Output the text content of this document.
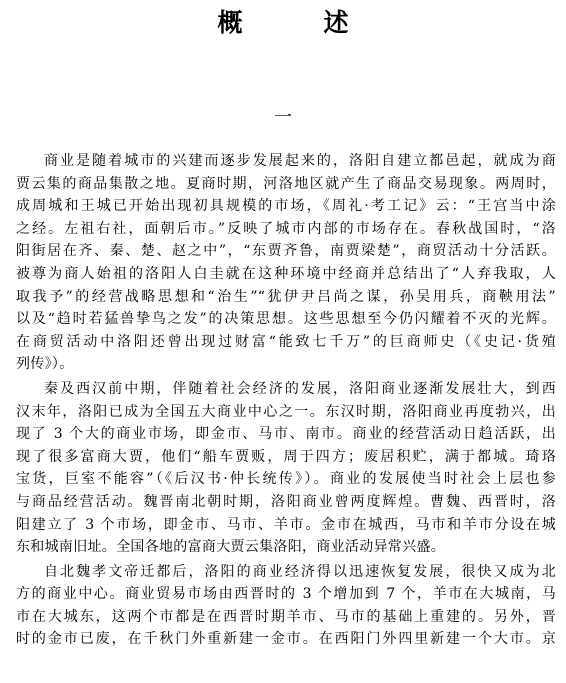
概　述
一
商业是随着城市的兴建而逐步发展起来的，洛阳自建立都邑起，就成为商
贾云集的商品集散之地。夏商时期，河洛地区就产生了商品交易现象。两周时，
成周城和王城已开始出现初具规模的市场，《周礼·考工记》云：“王宫当中涂
之经。左祖右社，面朝后市。”反映了城市内部的市场存在。春秋战国时，“洛
阳街居在齐、秦、楚、赵之中”，“东贾齐鲁，南贾梁楚”，商贸活动十分活跃。
被尊为商人始祖的洛阳人白圭就在这种环境中经商并总结出了“人弃我取，人
取我予”的经营战略思想和“治生”“犹伊尹吕尚之谋，孙吴用兵，商鞅用法”
以及“趋时若猛兽挚鸟之发”的决策思想。这些思想至今仍闪耀着不灭的光辉。
在商贸活动中洛阳还曾出现过财富“能致七千万”的巨商师史（《史记·货殖
列传》）。
秦及西汉前中期，伴随着社会经济的发展，洛阳商业逐渐发展壮大，到西
汉末年，洛阳已成为全国五大商业中心之一。东汉时期，洛阳商业再度勃兴，出
现了 3 个大的商业市场，即金市、马市、南市。商业的经营活动日趋活跃，出
现了很多富商大贾，他们“船车贾贩，周于四方；废居积贮，满于都城。琦珞
宝货，巨室不能容”（《后汉书·仲长统传》）。商业的发展使当时社会上层也参
与商品经营活动。魏晋南北朝时期，洛阳商业曾两度辉煌。曹魏、西晋时，洛
阳建立了 3 个市场，即金市、马市、羊市。金市在城西，马市和羊市分设在城
东和城南旧址。全国各地的富商大贾云集洛阳，商业活动异常兴盛。
自北魏孝文帝迁都后，洛阳的商业经济得以迅速恢复发展，很快又成为北
方的商业中心。商业贸易市场由西晋时的 3 个增加到 7 个，羊市在大城南，马
市在大城东，这两个市都是在西晋时期羊市、马市的基础上重建的。另外，晋
时的金市已废，在千秋门外重新建一金市。在西阳门外四里新建一个大市。京
